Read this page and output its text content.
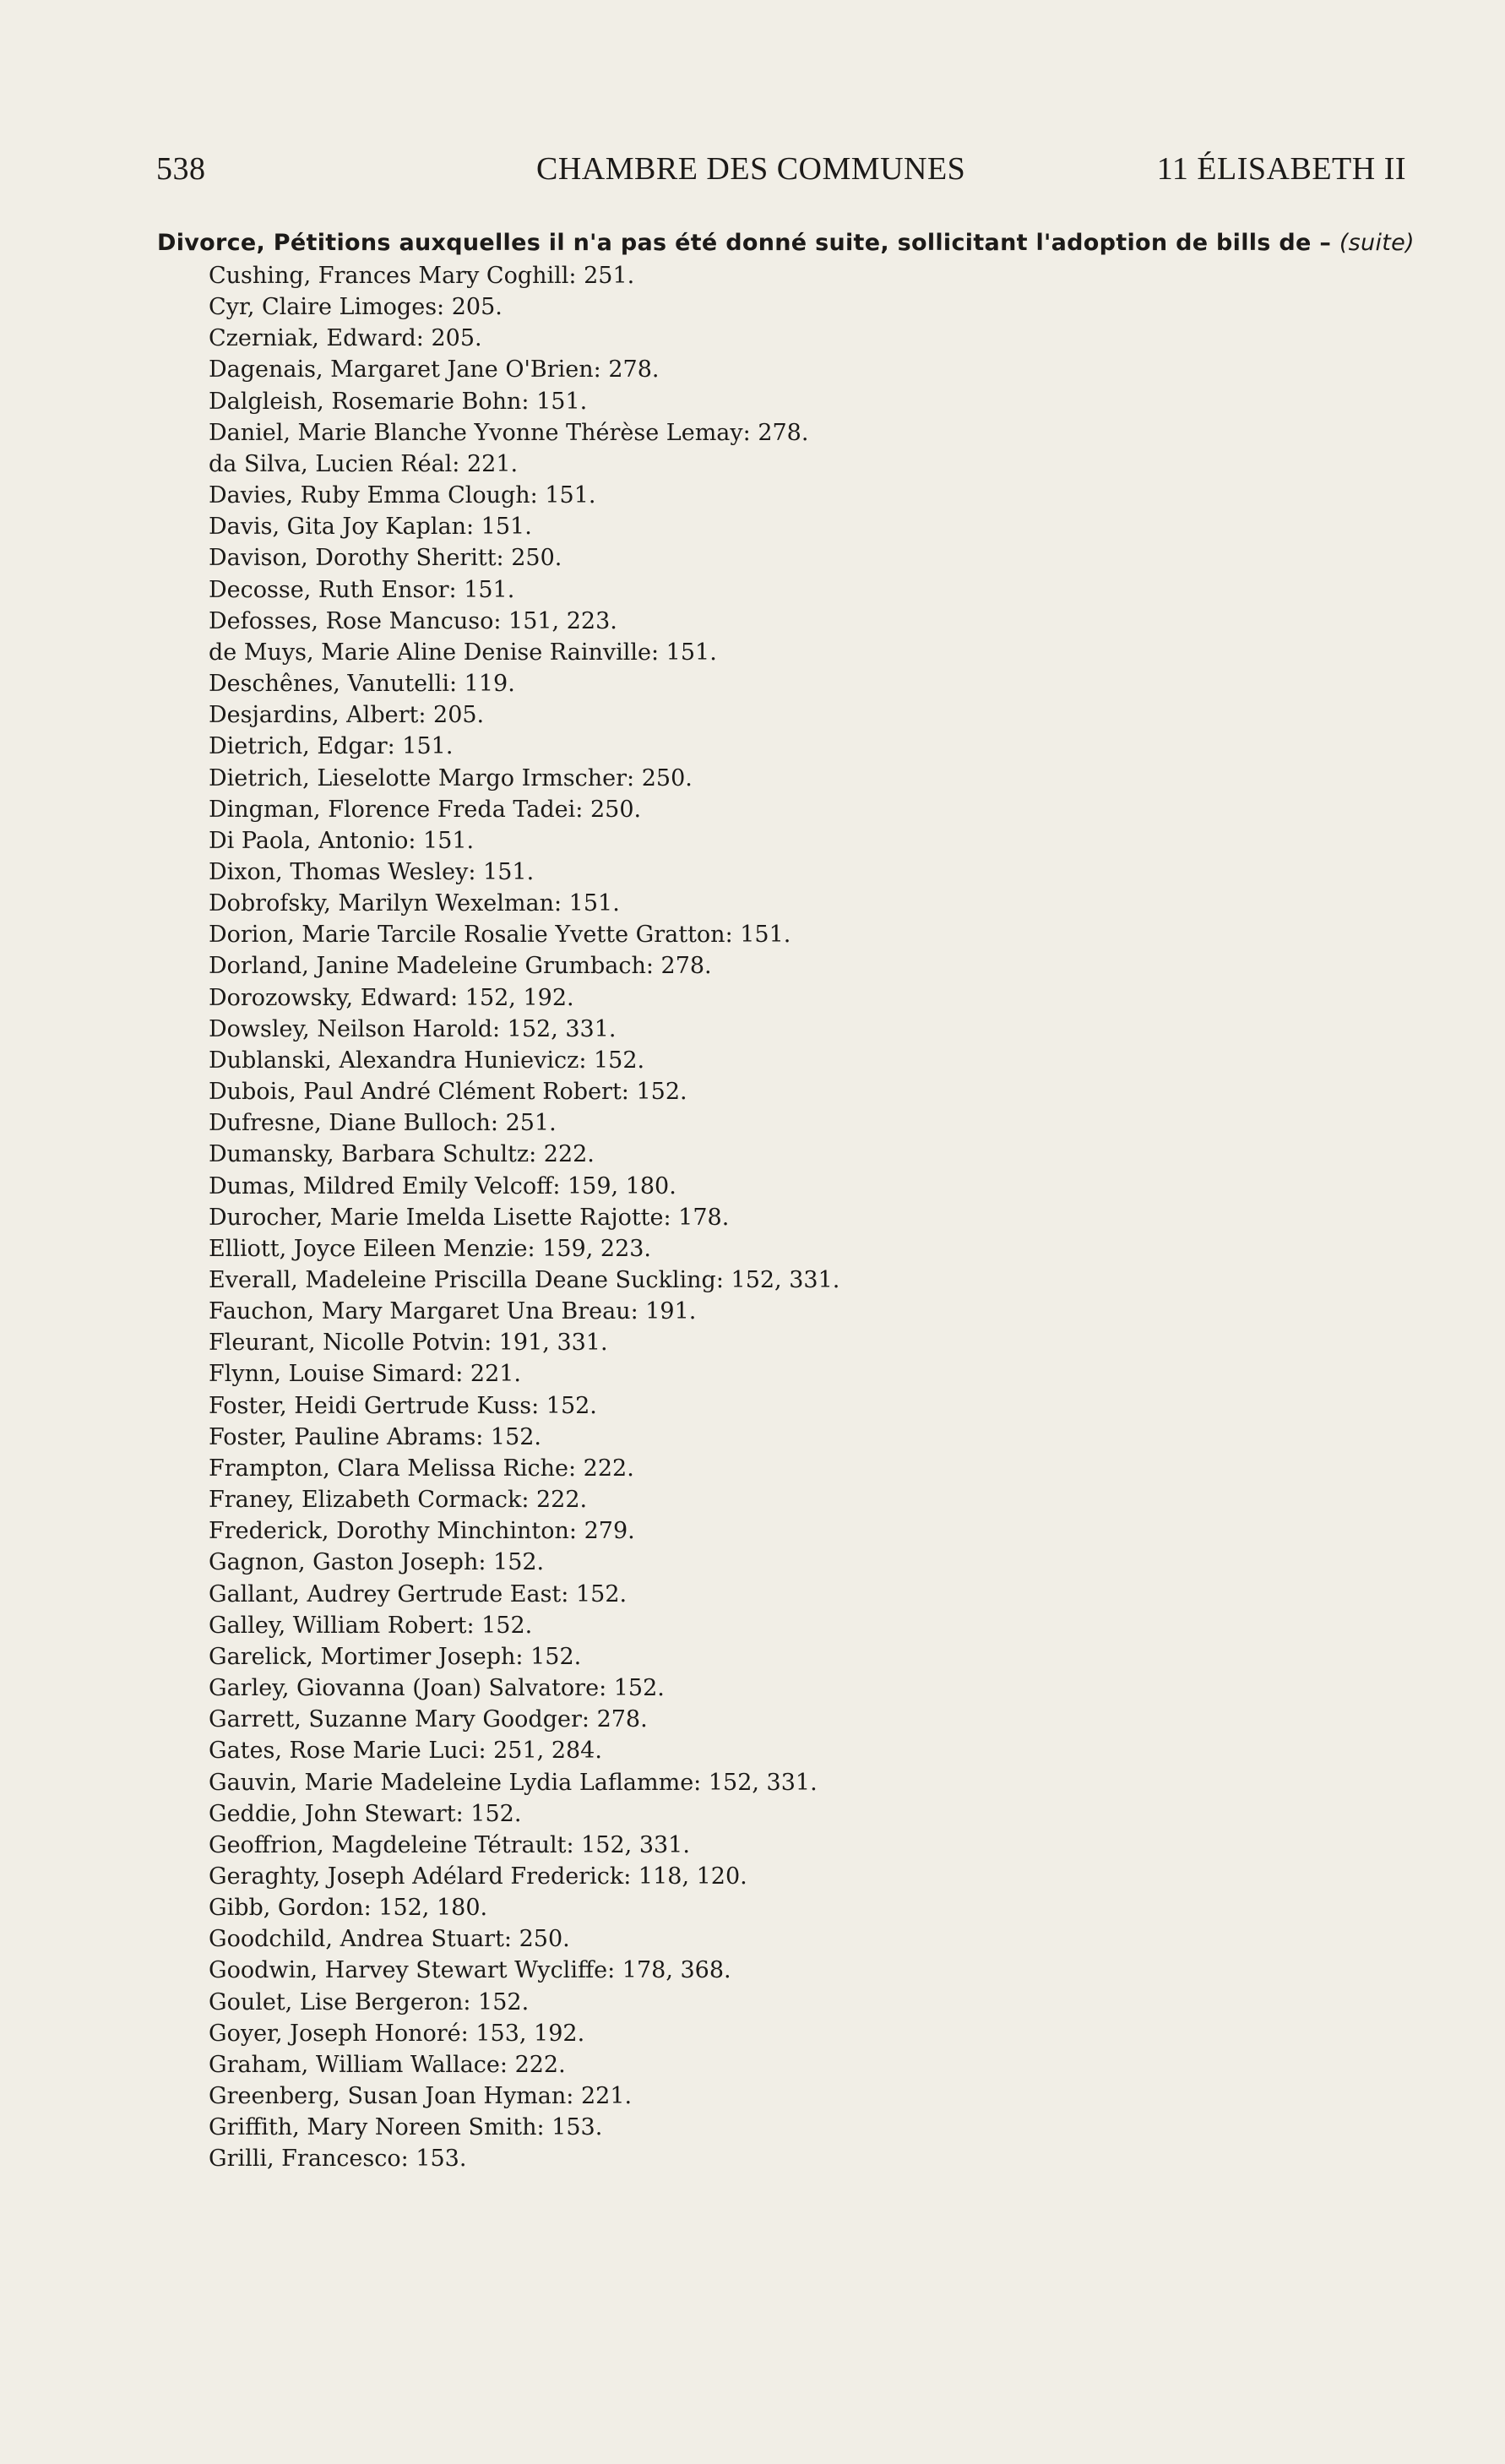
538	CHAMBRE DES COMMUNES	11 ÉLISABETH II
Divorce, Pétitions auxquelles il n'a pas été donné suite, sollicitant l'adoption de bills de – (suite)
Cushing, Frances Mary Coghill: 251.
Cyr, Claire Limoges: 205.
Czerniak, Edward: 205.
Dagenais, Margaret Jane O'Brien: 278.
Dalgleish, Rosemarie Bohn: 151.
Daniel, Marie Blanche Yvonne Thérèse Lemay: 278.
da Silva, Lucien Réal: 221.
Davies, Ruby Emma Clough: 151.
Davis, Gita Joy Kaplan: 151.
Davison, Dorothy Sheritt: 250.
Decosse, Ruth Ensor: 151.
Defosses, Rose Mancuso: 151, 223.
de Muys, Marie Aline Denise Rainville: 151.
Deschênes, Vanutelli: 119.
Desjardins, Albert: 205.
Dietrich, Edgar: 151.
Dietrich, Lieselotte Margo Irmscher: 250.
Dingman, Florence Freda Tadei: 250.
Di Paola, Antonio: 151.
Dixon, Thomas Wesley: 151.
Dobrofsky, Marilyn Wexelman: 151.
Dorion, Marie Tarcile Rosalie Yvette Gratton: 151.
Dorland, Janine Madeleine Grumbach: 278.
Dorozowsky, Edward: 152, 192.
Dowsley, Neilson Harold: 152, 331.
Dublanski, Alexandra Hunievicz: 152.
Dubois, Paul André Clément Robert: 152.
Dufresne, Diane Bulloch: 251.
Dumansky, Barbara Schultz: 222.
Dumas, Mildred Emily Velcoff: 159, 180.
Durocher, Marie Imelda Lisette Rajotte: 178.
Elliott, Joyce Eileen Menzie: 159, 223.
Everall, Madeleine Priscilla Deane Suckling: 152, 331.
Fauchon, Mary Margaret Una Breau: 191.
Fleurant, Nicolle Potvin: 191, 331.
Flynn, Louise Simard: 221.
Foster, Heidi Gertrude Kuss: 152.
Foster, Pauline Abrams: 152.
Frampton, Clara Melissa Riche: 222.
Franey, Elizabeth Cormack: 222.
Frederick, Dorothy Minchinton: 279.
Gagnon, Gaston Joseph: 152.
Gallant, Audrey Gertrude East: 152.
Galley, William Robert: 152.
Garelick, Mortimer Joseph: 152.
Garley, Giovanna (Joan) Salvatore: 152.
Garrett, Suzanne Mary Goodger: 278.
Gates, Rose Marie Luci: 251, 284.
Gauvin, Marie Madeleine Lydia Laflamme: 152, 331.
Geddie, John Stewart: 152.
Geoffrion, Magdeleine Tétrault: 152, 331.
Geraghty, Joseph Adélard Frederick: 118, 120.
Gibb, Gordon: 152, 180.
Goodchild, Andrea Stuart: 250.
Goodwin, Harvey Stewart Wycliffe: 178, 368.
Goulet, Lise Bergeron: 152.
Goyer, Joseph Honoré: 153, 192.
Graham, William Wallace: 222.
Greenberg, Susan Joan Hyman: 221.
Griffith, Mary Noreen Smith: 153.
Grilli, Francesco: 153.
